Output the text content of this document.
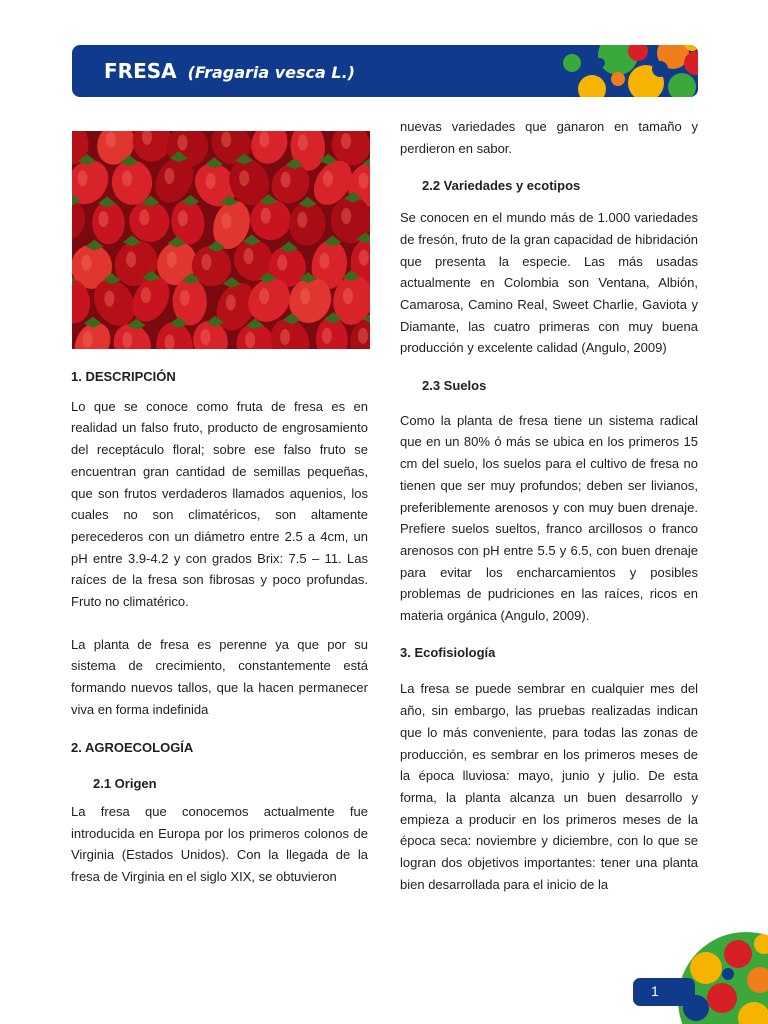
FRESA (Fragaria vesca L.)

1. DESCRIPCIÓN

Lo que se conoce como fruta de fresa es en realidad un falso fruto, producto de engrosamiento del receptáculo floral; sobre ese falso fruto se encuentran gran cantidad de semillas pequeñas, que son frutos verdaderos llamados aquenios, los cuales no son climatéricos, son altamente perecederos con un diámetro entre 2.5 a 4cm, un pH entre 3.9-4.2 y con grados Brix: 7.5 – 11. Las raíces de la fresa son fibrosas y poco profundas. Fruto no climatérico.

La planta de fresa es perenne ya que por su sistema de crecimiento, constantemente está formando nuevos tallos, que la hacen permanecer viva en forma indefinida

2. AGROECOLOGÍA

2.1 Origen

La fresa que conocemos actualmente fue introducida en Europa por los primeros colonos de Virginia (Estados Unidos). Con la llegada de la fresa de Virginia en el siglo XIX, se obtuvieron

nuevas variedades que ganaron en tamaño y perdieron en sabor.

2.2 Variedades y ecotipos

Se conocen en el mundo más de 1.000 variedades de fresón, fruto de la gran capacidad de hibridación que presenta la especie. Las más usadas actualmente en Colombia son Ventana, Albión, Camarosa, Camino Real, Sweet Charlie, Gaviota y Diamante, las cuatro primeras con muy buena producción y excelente calidad (Angulo, 2009)

2.3 Suelos

Como la planta de fresa tiene un sistema radical que en un 80% ó más se ubica en los primeros 15 cm del suelo, los suelos para el cultivo de fresa no tienen que ser muy profundos; deben ser livianos, preferiblemente arenosos y con muy buen drenaje. Prefiere suelos sueltos, franco arcillosos o franco arenosos con pH entre 5.5 y 6.5, con buen drenaje para evitar los encharcamientos y posibles problemas de pudriciones en las raíces, ricos en materia orgánica (Angulo, 2009).

3. Ecofisiología

La fresa se puede sembrar en cualquier mes del año, sin embargo, las pruebas realizadas indican que lo más conveniente, para todas las zonas de producción, es sembrar en los primeros meses de la época lluviosa: mayo, junio y julio. De esta forma, la planta alcanza un buen desarrollo y empieza a producir en los primeros meses de la época seca: noviembre y diciembre, con lo que se logran dos objetivos importantes: tener una planta bien desarrollada para el inicio de la

1
